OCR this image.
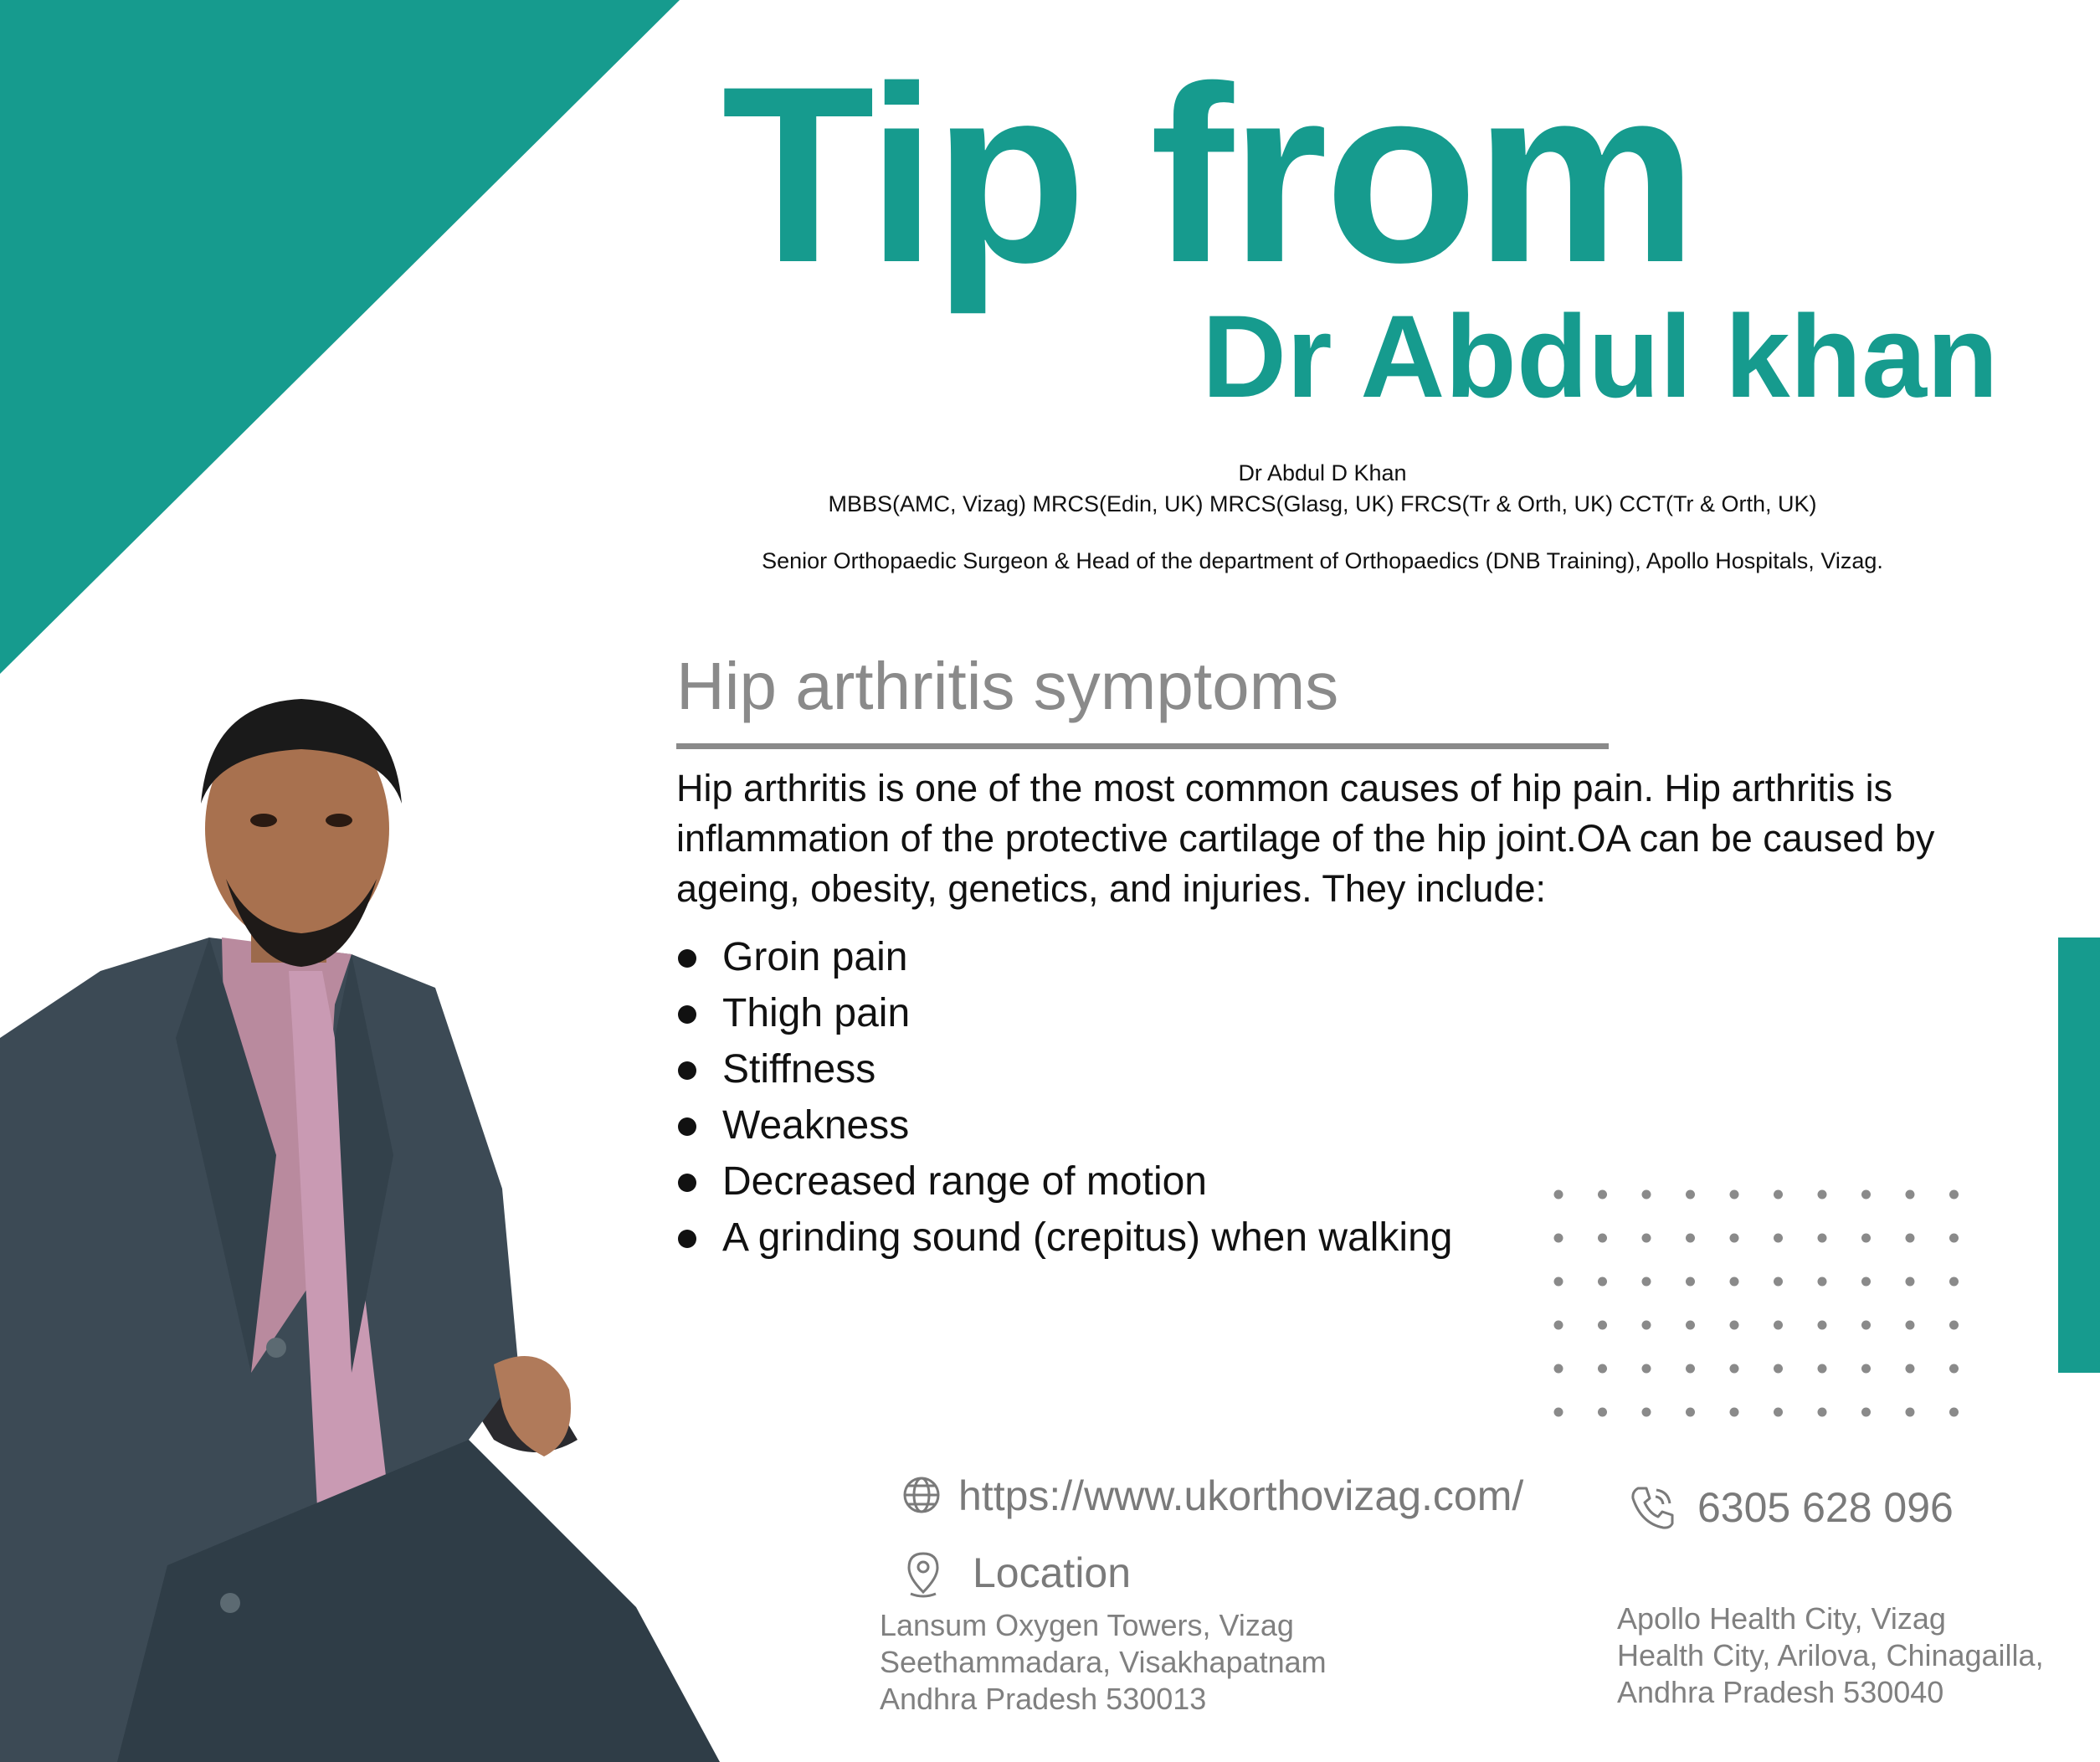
Tip from
Dr Abdul khan
Dr Abdul D Khan
MBBS(AMC, Vizag) MRCS(Edin, UK) MRCS(Glasg, UK) FRCS(Tr & Orth, UK) CCT(Tr & Orth, UK)
Senior Orthopaedic Surgeon & Head of the department of Orthopaedics (DNB Training), Apollo Hospitals, Vizag.
Hip arthritis symptoms
Hip arthritis is one of the most common causes of hip pain. Hip arthritis is inflammation of the protective cartilage of the hip joint.OA can be caused by ageing, obesity, genetics, and injuries. They include:
Groin pain
Thigh pain
Stiffness
Weakness
Decreased range of motion
A grinding sound (crepitus) when walking
https://www.ukorthovizag.com/	6305 628 096
Location
Lansum Oxygen Towers, Vizag
Seethammadara, Visakhapatnam
Andhra Pradesh 530013
Apollo Health City, Vizag
Health City, Arilova, Chinagailla,
Andhra Pradesh 530040
